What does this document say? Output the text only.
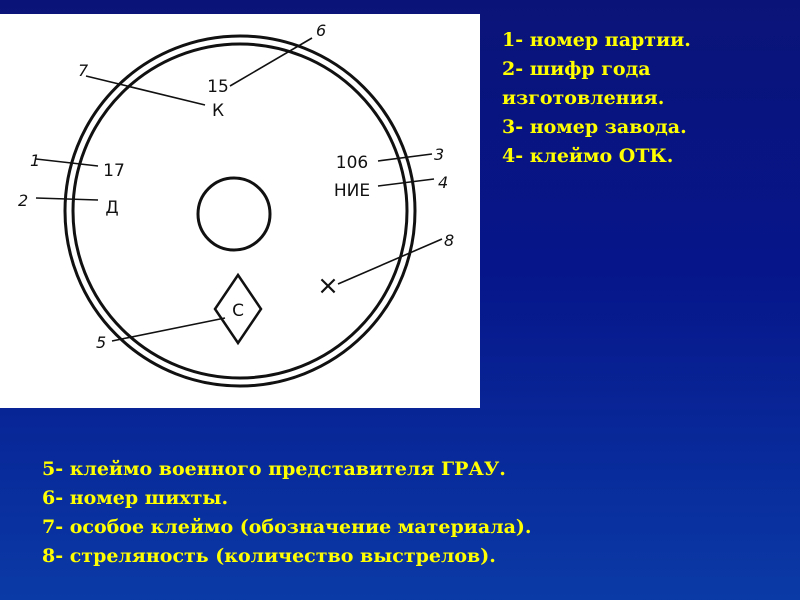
С
15
К
17
Д
106
НИЕ
×
6
7
1
2
3
4
8
5
1- номер партии.
2- шифр года
изготовления.
3- номер завода.
4- клеймо ОТК.
5- клеймо военного представителя ГРАУ.
6- номер шихты.
7- особое клеймо (обозначение материала).
8- стреляность (количество выстрелов).
